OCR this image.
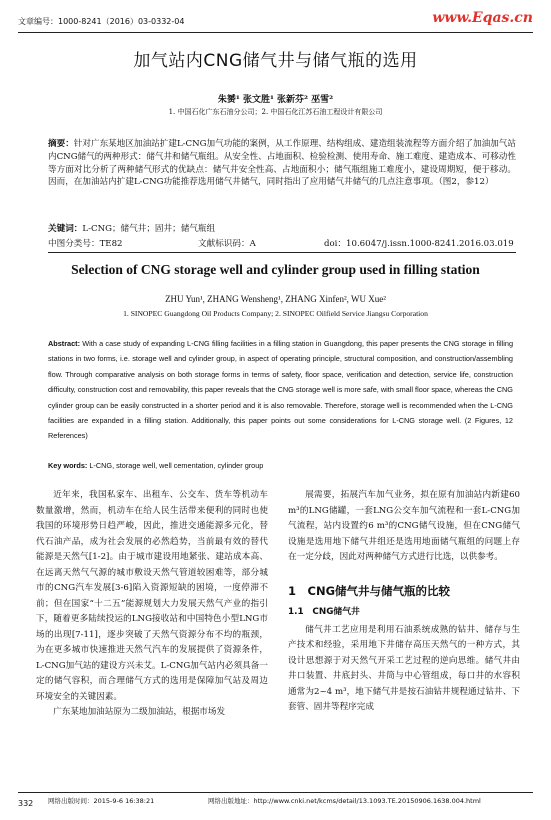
文章编号：1000-8241（2016）03-0332-04	www.Eqas.cn
加气站内CNG储气井与储气瓶的选用
朱赟¹ 张文胜¹ 张新芬² 巫雪²
1. 中国石化广东石油分公司；2. 中国石化江苏石油工程设计有限公司
摘要：针对广东某地区加油站扩建L-CNG加气功能的案例，从工作原理、结构组成、建造组装流程等方面介绍了加油加气站内CNG储气的两种形式：储气井和储气瓶组。从安全性、占地面积、检验检测、使用寿命、施工难度、建造成本、可移动性等方面对比分析了两种储气形式的优缺点：储气井安全性高、占地面积小；储气瓶组施工难度小，建设周期短，便于移动。因而，在加油站内扩建L-CNG功能推荐选用储气井储气，同时指出了应用储气井储气的几点注意事项。（图2，参12）
关键词：L-CNG；储气井；固井；储气瓶组
中图分类号：TE82	文献标识码：A	doi：10.6047/j.issn.1000-8241.2016.03.019
Selection of CNG storage well and cylinder group used in filling station
ZHU Yun¹, ZHANG Wensheng¹, ZHANG Xinfen², WU Xue²
1. SINOPEC Guangdong Oil Products Company; 2. SINOPEC Oilfield Service Jiangsu Corporation
Abstract: With a case study of expanding L-CNG filling facilities in a filling station in Guangdong, this paper presents the CNG storage in filling stations in two forms, i.e. storage well and cylinder group, in aspect of operating principle, structural composition, and construction/assembling flow. Through comparative analysis on both storage forms in terms of safety, floor space, verification and detection, service life, construction difficulty, construction cost and removability, this paper reveals that the CNG storage well is more safe, with small floor space, whereas the CNG cylinder group can be easily constructed in a shorter period and it is also removable. Therefore, storage well is recommended when the L-CNG facilities are expanded in a filling station. Additionally, this paper points out some considerations for L-CNG storage well. (2 Figures, 12 References)
Key words: L-CNG, storage well, well cementation, cylinder group

近年来，我国私家车、出租车、公交车、货车等机动车数量激增，然而，机动车在给人民生活带来便利的同时也使我国的环境形势日趋严峻，因此，推进交通能源多元化，替代石油产品，成为社会发展的必然趋势，当前最有效的替代能源是天然气[1-2]。由于城市建设用地紧张、建站成本高、在远离天然气气源的城市敷设天然气管道较困难等，部分城市的CNG汽车发展[3-6]陷入资源短缺的困境，一度停滞不前；但在国家“十二五”能源规划大力发展天然气产业的指引下，随着更多陆续投运的LNG接收站和中国特色小型LNG市场的出现[7-11]，逐步突破了天然气资源分布不均的瓶颈，为在更多城市快速推进天然气汽车的发展提供了资源条件，L-CNG加气站的建设方兴未艾。L-CNG加气站内必须具备一定的储气容积，而合理储气方式的选用是保障加气站及周边环境安全的关键因素。

广东某地加油站原为二级加油站，根据市场发

展需要，拓展汽车加气业务，拟在原有加油站内新建60 m³的LNG储罐，一套LNG公交车加气流程和一套L-CNG加气流程，站内设置约6 m³的CNG储气设施，但在CNG储气设施是选用地下储气井组还是选用地面储气瓶组的问题上存在一定分歧，因此对两种储气方式进行比选，以供参考。

1　CNG储气井与储气瓶的比较

1.1　CNG储气井

储气井工艺应用是利用石油系统成熟的钻井、储存与生产技术和经验，采用地下井储存高压天然气的一种方式，其设计思想源于对天然气开采工艺过程的逆向思维。储气井由井口装置、井底封头、井筒与中心管组成，每口井的水容积通常为2~4 m³，地下储气井是按石油钻井规程通过钻井、下套管、固井等程序完成

332 网络出版时间：2015-9-6 16:38:21	网络出版地址：http://www.cnki.net/kcms/detail/13.1093.TE.20150906.1638.004.html
